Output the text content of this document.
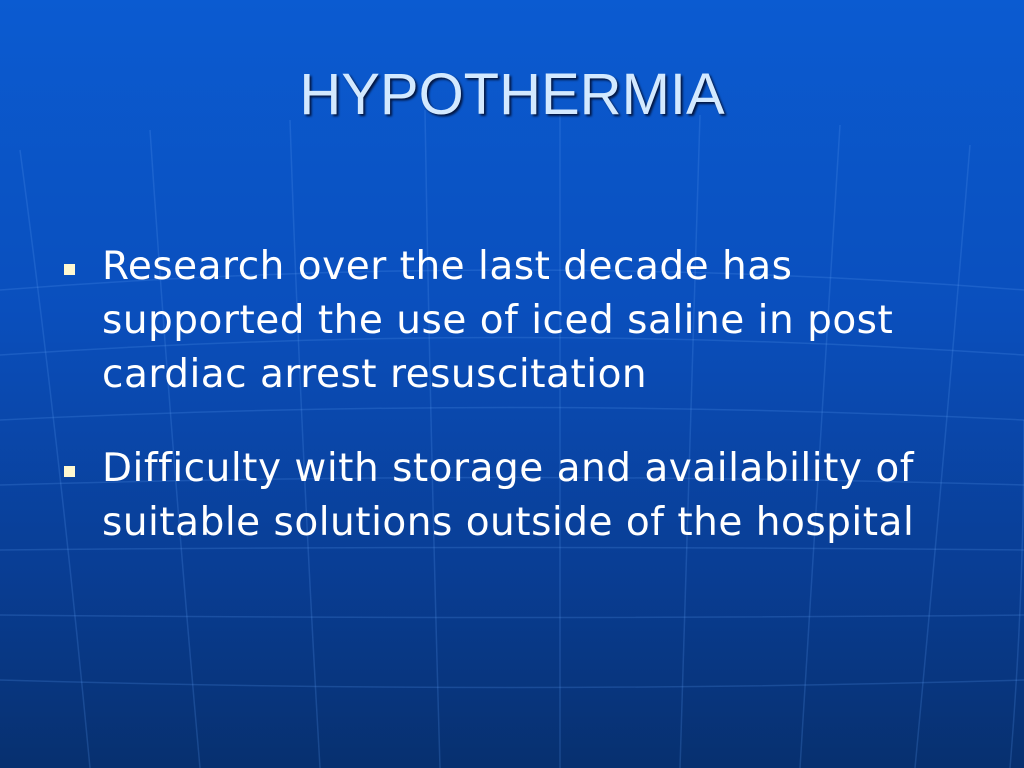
HYPOTHERMIA
Research over the last decade has supported the use of iced saline in post cardiac arrest resuscitation
Difficulty with storage and availability of suitable solutions outside of the hospital
